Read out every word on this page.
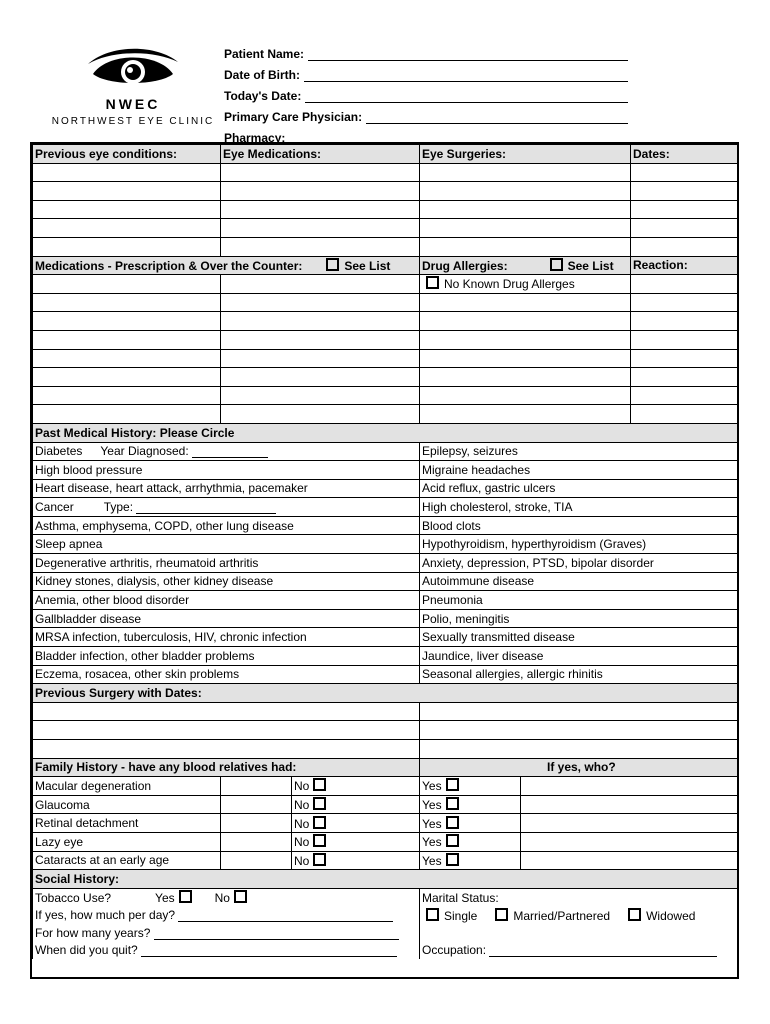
NWEC
NORTHWEST EYE CLINIC
Patient Name:
Date of Birth:
Today's Date:
Primary Care Physician:
Pharmacy:
Previous eye conditions:	Eye Medications:		Eye Surgeries:		Dates:

Medications - Prescription & Over the Counter: See List			Drug Allergies: See List		Reaction:
			No Known Drug Allerges		

Past Medical History: Please Circle					
Diabetes Year Diagnosed:			Epilepsy, seizures		
High blood pressure			Migraine headaches		
Heart disease, heart attack, arrhythmia, pacemaker			Acid reflux, gastric ulcers		
Cancer Type:			High cholesterol, stroke, TIA		
Asthma, emphysema, COPD, other lung disease			Blood clots		
Sleep apnea			Hypothyroidism, hyperthyroidism (Graves)		
Degenerative arthritis, rheumatoid arthritis			Anxiety, depression, PTSD, bipolar disorder		
Kidney stones, dialysis, other kidney disease			Autoimmune disease		
Anemia, other blood disorder			Pneumonia		
Gallbladder disease			Polio, meningitis		
MRSA infection, tuberculosis, HIV, chronic infection			Sexually transmitted disease		
Bladder infection, other bladder problems			Jaundice, liver disease		
Eczema, rosacea, other skin problems			Seasonal allergies, allergic rhinitis		
Previous Surgery with Dates:					

Family History - have any blood relatives had:			If yes, who?		
Macular degeneration		No	Yes		
Glaucoma		No	Yes		
Retinal detachment		No	Yes		
Lazy eye		No	Yes		
Cataracts at an early age		No	Yes		
Social History:					
Tobacco Use? Yes No			Marital Status:		
If yes, how much per day?			Single Married/Partnered Widowed		
For how many years?					
When did you quit?			Occupation:		
